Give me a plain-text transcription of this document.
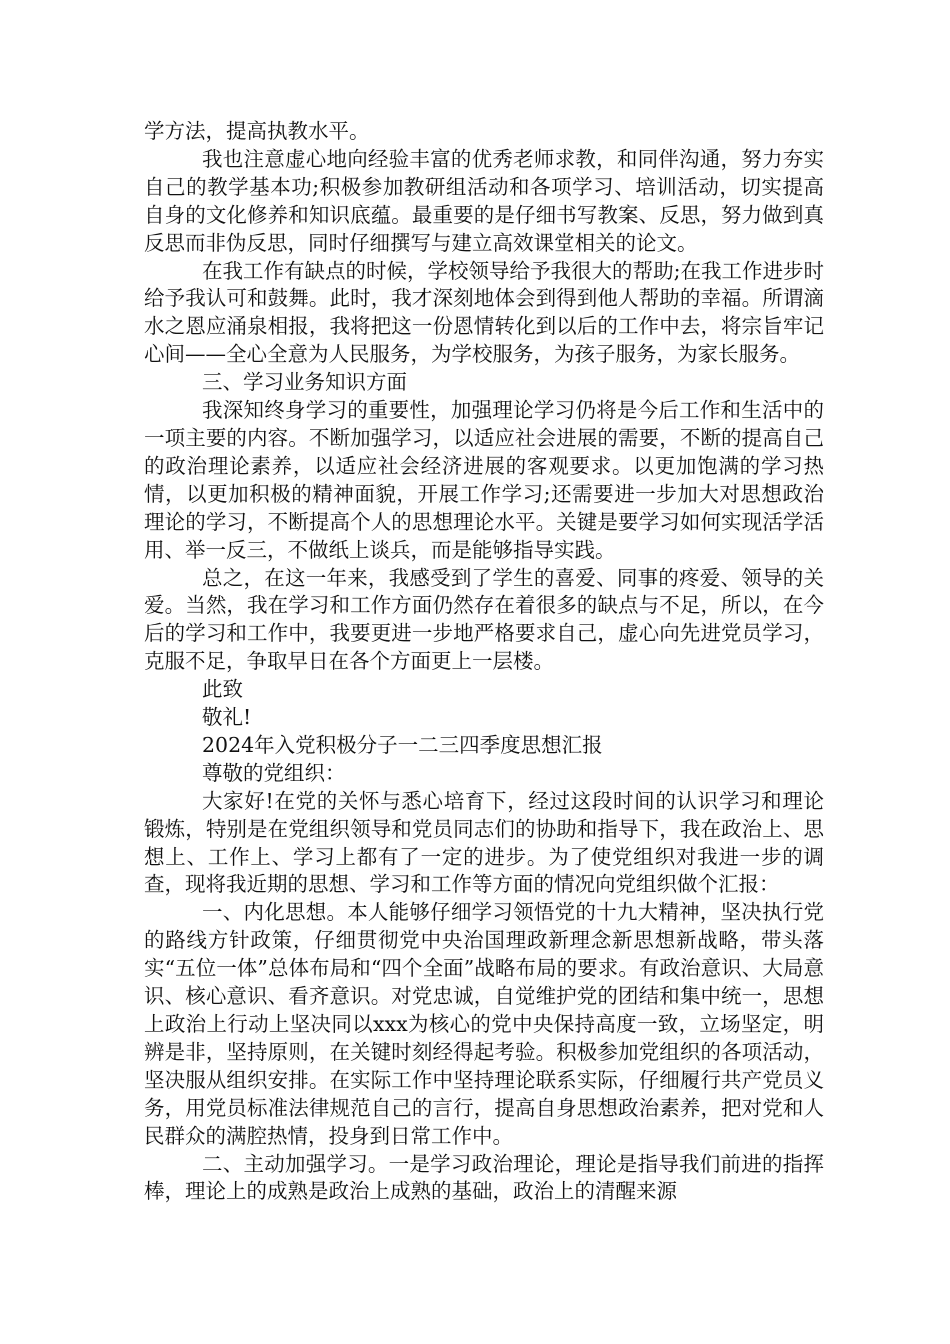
学方法，提高执教水平。

我也注意虚心地向经验丰富的优秀老师求教，和同伴沟通，努力夯实自己的教学基本功;积极参加教研组活动和各项学习、培训活动，切实提高自身的文化修养和知识底蕴。最重要的是仔细书写教案、反思，努力做到真反思而非伪反思，同时仔细撰写与建立高效课堂相关的论文。

在我工作有缺点的时候，学校领导给予我很大的帮助;在我工作进步时给予我认可和鼓舞。此时，我才深刻地体会到得到他人帮助的幸福。所谓滴水之恩应涌泉相报，我将把这一份恩情转化到以后的工作中去，将宗旨牢记心间——全心全意为人民服务，为学校服务，为孩子服务，为家长服务。

三、学习业务知识方面

我深知终身学习的重要性，加强理论学习仍将是今后工作和生活中的一项主要的内容。不断加强学习，以适应社会进展的需要，不断的提高自己的政治理论素养，以适应社会经济进展的客观要求。以更加饱满的学习热情，以更加积极的精神面貌，开展工作学习;还需要进一步加大对思想政治理论的学习，不断提高个人的思想理论水平。关键是要学习如何实现活学活用、举一反三，不做纸上谈兵，而是能够指导实践。

总之，在这一年来，我感受到了学生的喜爱、同事的疼爱、领导的关爱。当然，我在学习和工作方面仍然存在着很多的缺点与不足，所以，在今后的学习和工作中，我要更进一步地严格要求自己，虚心向先进党员学习，克服不足，争取早日在各个方面更上一层楼。

此致

敬礼!

2024年入党积极分子一二三四季度思想汇报

尊敬的党组织：

大家好!在党的关怀与悉心培育下，经过这段时间的认识学习和理论锻炼，特别是在党组织领导和党员同志们的协助和指导下，我在政治上、思想上、工作上、学习上都有了一定的进步。为了使党组织对我进一步的调查，现将我近期的思想、学习和工作等方面的情况向党组织做个汇报：

一、内化思想。本人能够仔细学习领悟党的十九大精神，坚决执行党的路线方针政策，仔细贯彻党中央治国理政新理念新思想新战略，带头落实“五位一体”总体布局和“四个全面”战略布局的要求。有政治意识、大局意识、核心意识、看齐意识。对党忠诚，自觉维护党的团结和集中统一，思想上政治上行动上坚决同以xxx为核心的党中央保持高度一致，立场坚定，明辨是非，坚持原则，在关键时刻经得起考验。积极参加党组织的各项活动，坚决服从组织安排。在实际工作中坚持理论联系实际，仔细履行共产党员义务，用党员标准法律规范自己的言行，提高自身思想政治素养，把对党和人民群众的满腔热情，投身到日常工作中。

二、主动加强学习。一是学习政治理论，理论是指导我们前进的指挥棒，理论上的成熟是政治上成熟的基础，政治上的清醒来源
